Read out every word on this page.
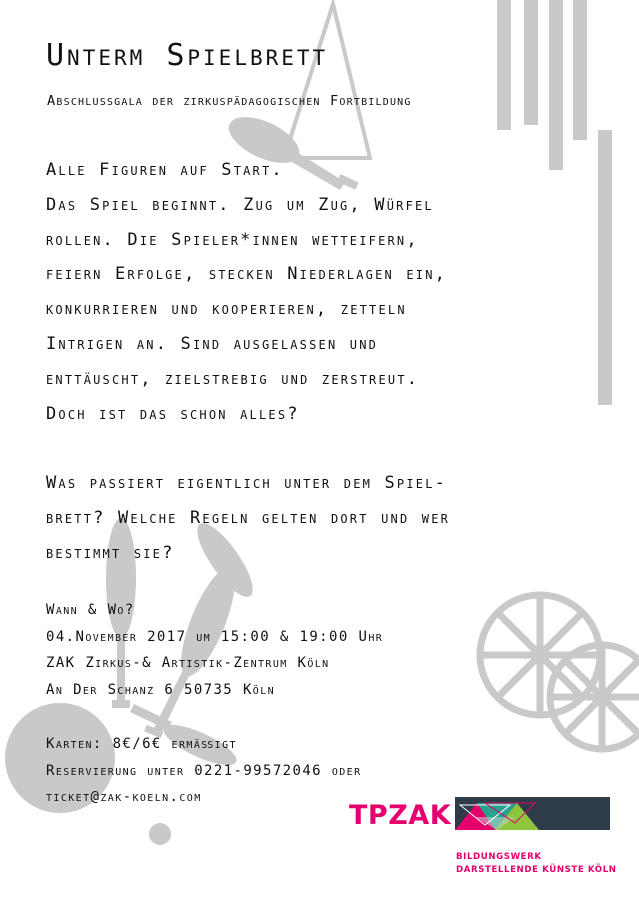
Unterm Spielbrett
Abschlussgala der zirkuspädagogischen Fortbildung
Alle Figuren auf Start.
Das Spiel beginnt. Zug um Zug, Würfel
rollen. Die Spieler*innen wetteifern,
feiern Erfolge, stecken Niederlagen ein,
konkurrieren und kooperieren, zetteln
Intrigen an. Sind ausgelassen und
enttäuscht, zielstrebig und zerstreut.
Doch ist das schon alles?
Was passiert eigentlich unter dem Spiel-
brett? Welche Regeln gelten dort und wer
bestimmt sie?
Wann & Wo?
04.November 2017 um 15:00 & 19:00 Uhr
ZAK Zirkus-& Artistik-Zentrum Köln
An Der Schanz 6 50735 Köln
Karten: 8€/6€ ermäßigt
Reservierung unter 0221-99572046 oder
ticket@zak-koeln.com
TPZAK
BILDUNGSWERK
DARSTELLENDE KÜNSTE KÖLN
